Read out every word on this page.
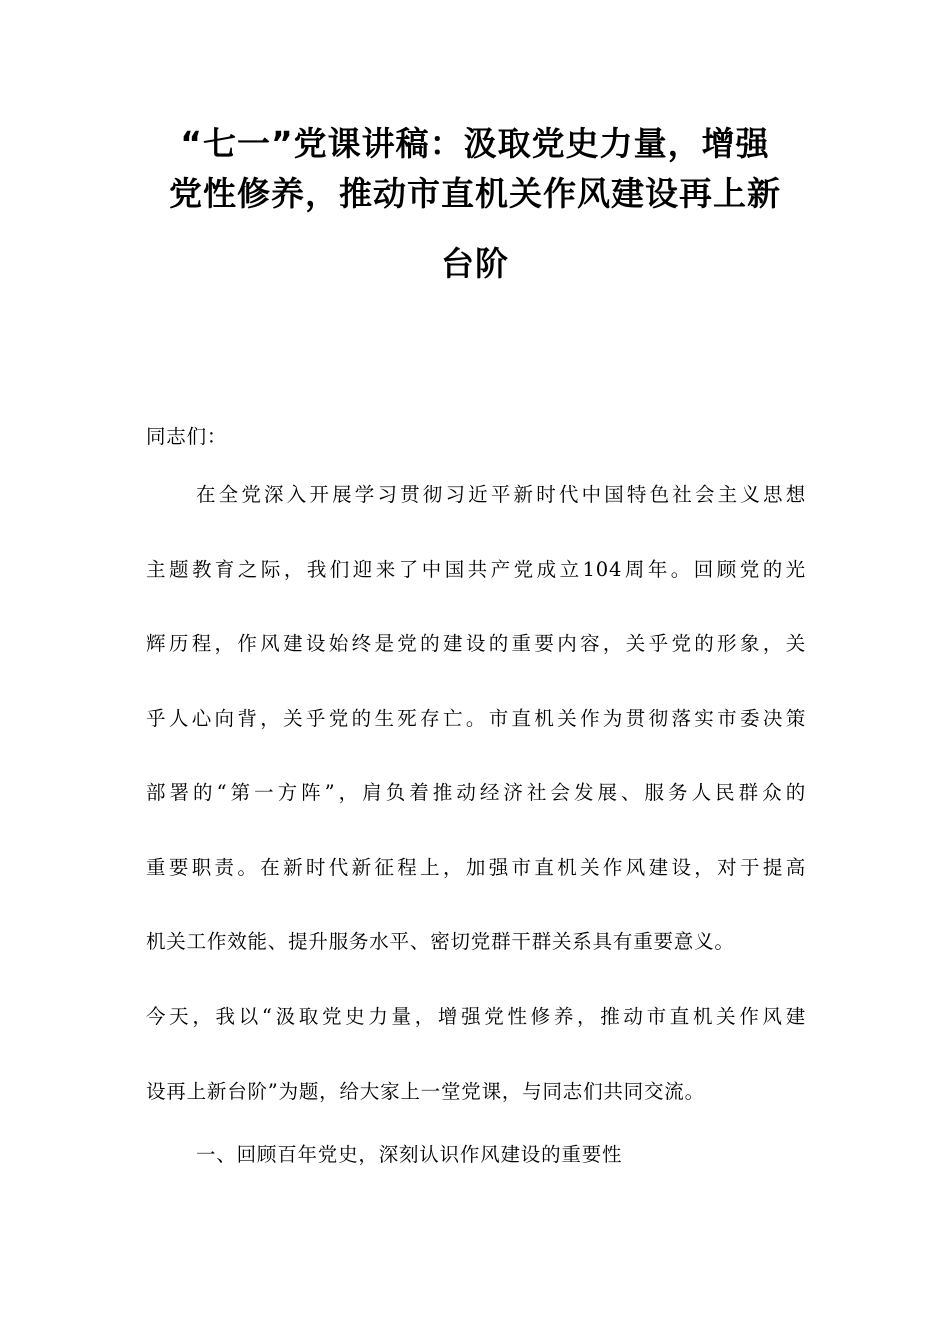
“七一”党课讲稿：汲取党史力量，增强
党性修养，推动市直机关作风建设再上新
台阶
同志们：
在全党深入开展学习贯彻习近平新时代中国特色社会主义思想
主题教育之际，我们迎来了中国共产党成立104周年。回顾党的光
辉历程，作风建设始终是党的建设的重要内容，关乎党的形象，关
乎人心向背，关乎党的生死存亡。市直机关作为贯彻落实市委决策
部署的“第一方阵”，肩负着推动经济社会发展、服务人民群众的
重要职责。在新时代新征程上，加强市直机关作风建设，对于提高
机关工作效能、提升服务水平、密切党群干群关系具有重要意义。
今天，我以“汲取党史力量，增强党性修养，推动市直机关作风建
设再上新台阶”为题，给大家上一堂党课，与同志们共同交流。
一、回顾百年党史，深刻认识作风建设的重要性
